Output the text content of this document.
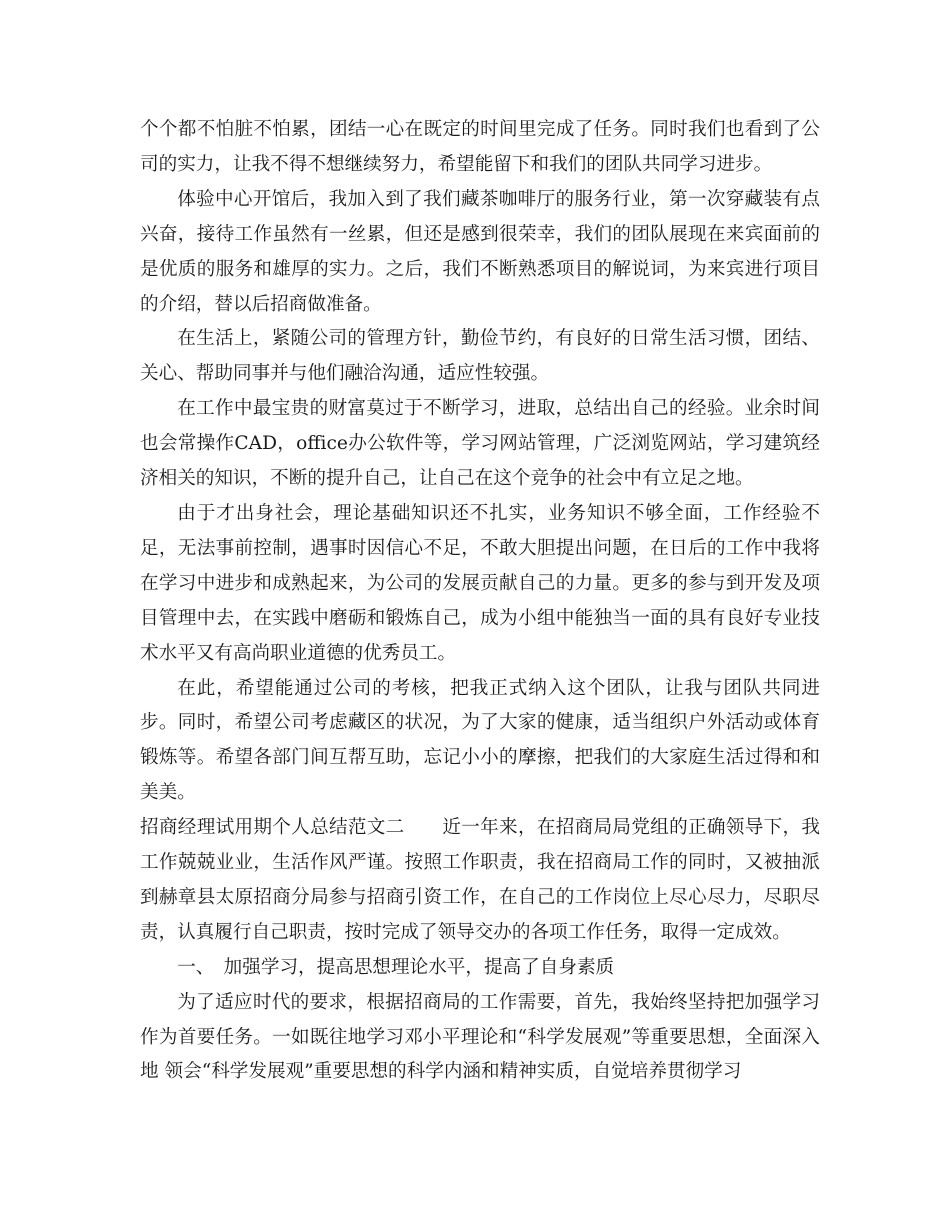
个个都不怕脏不怕累，团结一心在既定的时间里完成了任务。同时我们也看到了公司的实力，让我不得不想继续努力，希望能留下和我们的团队共同学习进步。

体验中心开馆后，我加入到了我们藏茶咖啡厅的服务行业，第一次穿藏装有点兴奋，接待工作虽然有一丝累，但还是感到很荣幸，我们的团队展现在来宾面前的是优质的服务和雄厚的实力。之后，我们不断熟悉项目的解说词，为来宾进行项目的介绍，替以后招商做准备。

在生活上，紧随公司的管理方针，勤俭节约，有良好的日常生活习惯，团结、关心、帮助同事并与他们融洽沟通，适应性较强。

在工作中最宝贵的财富莫过于不断学习，进取，总结出自己的经验。业余时间也会常操作CAD，office办公软件等，学习网站管理，广泛浏览网站，学习建筑经济相关的知识，不断的提升自己，让自己在这个竞争的社会中有立足之地。

由于才出身社会，理论基础知识还不扎实，业务知识不够全面，工作经验不足，无法事前控制，遇事时因信心不足，不敢大胆提出问题，在日后的工作中我将在学习中进步和成熟起来，为公司的发展贡献自己的力量。更多的参与到开发及项目管理中去，在实践中磨砺和锻炼自己，成为小组中能独当一面的具有良好专业技术水平又有高尚职业道德的优秀员工。

在此，希望能通过公司的考核，把我正式纳入这个团队，让我与团队共同进步。同时，希望公司考虑藏区的状况，为了大家的健康，适当组织户外活动或体育锻炼等。希望各部门间互帮互助，忘记小小的摩擦，把我们的大家庭生活过得和和美美。

招商经理试用期个人总结范文二　　近一年来，在招商局局党组的正确领导下，我工作兢兢业业，生活作风严谨。按照工作职责，我在招商局工作的同时，又被抽派到赫章县太原招商分局参与招商引资工作，在自己的工作岗位上尽心尽力，尽职尽责，认真履行自己职责，按时完成了领导交办的各项工作任务，取得一定成效。

一、　加强学习，提高思想理论水平，提高了自身素质

为了适应时代的要求，根据招商局的工作需要，首先，我始终坚持把加强学习作为首要任务。一如既往地学习邓小平理论和“科学发展观”等重要思想，全面深入地 领会“科学发展观”重要思想的科学内涵和精神实质，自觉培养贯彻学习
